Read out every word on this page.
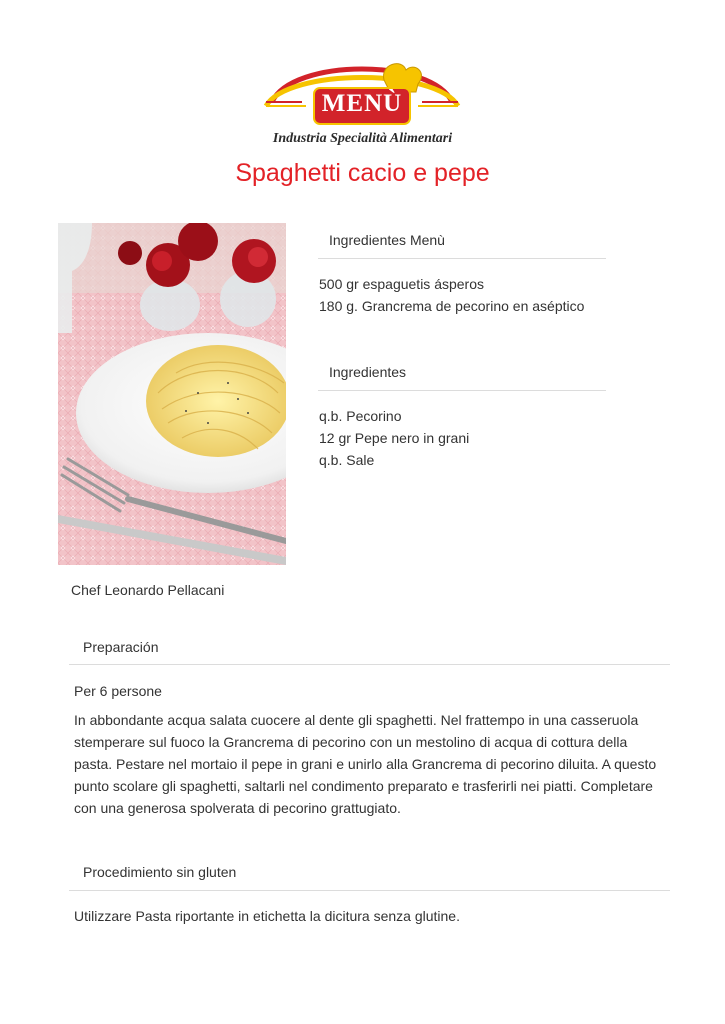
MENÙ
Industria Specialità Alimentari
Spaghetti cacio e pepe
Chef Leonardo Pellacani
Ingredientes Menù
500 gr espaguetis ásperos
180 g. Grancrema de pecorino en aséptico
Ingredientes
q.b. Pecorino
12 gr Pepe nero in grani
q.b. Sale
Preparación
Per 6 persone
In abbondante acqua salata cuocere al dente gli spaghetti. Nel frattempo in una casseruola stemperare sul fuoco la Grancrema di pecorino con un mestolino di acqua di cottura della pasta. Pestare nel mortaio il pepe in grani e unirlo alla Grancrema di pecorino diluita. A questo punto scolare gli spaghetti, saltarli nel condimento preparato e trasferirli nei piatti. Completare con una generosa spolverata di pecorino grattugiato.
Procedimiento sin gluten
Utilizzare Pasta riportante in etichetta la dicitura senza glutine.
